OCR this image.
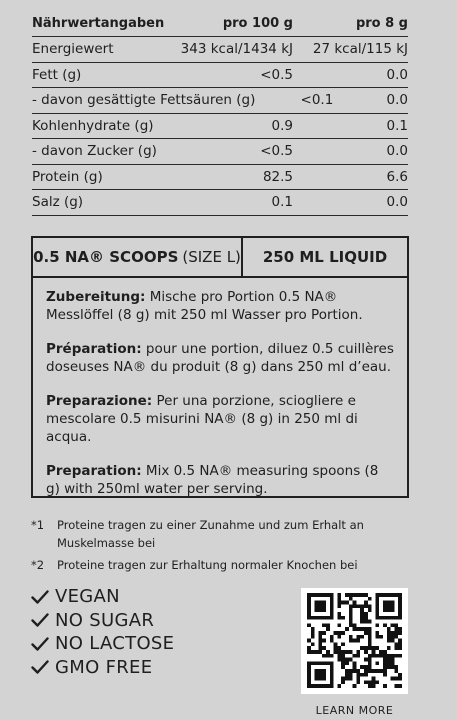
Nährwertangaben	pro 100 g	pro 8 g
Energiewert	343 kcal/1434 kJ	27 kcal/115 kJ
Fett (g)	<0.5	0.0
- davon gesättigte Fettsäuren (g)	<0.1	0.0
Kohlenhydrate (g)	0.9	0.1
- davon Zucker (g)	<0.5	0.0
Protein (g)	82.5	6.6
Salz (g)	0.1	0.0
0.5 NA® SCOOPS (SIZE L)	250 ML LIQUID

Zubereitung: Mische pro Portion 0.5 NA® Messlöffel (8 g) mit 250 ml Wasser pro Portion.

Préparation: pour une portion, diluez 0.5 cuillères doseuses NA® du produit (8 g) dans 250 ml d’eau.

Preparazione: Per una porzione, sciogliere e mescolare 0.5 misurini NA® (8 g) in 250 ml di acqua.

Preparation: Mix 0.5 NA® measuring spoons (8 g) with 250ml water per serving.

*1	Proteine tragen zu einer Zunahme und zum Erhalt an Muskelmasse bei
*2	Proteine tragen zur Erhaltung normaler Knochen bei
VEGAN
NO SUGAR
NO LACTOSE
GMO FREE
LEARN MORE
